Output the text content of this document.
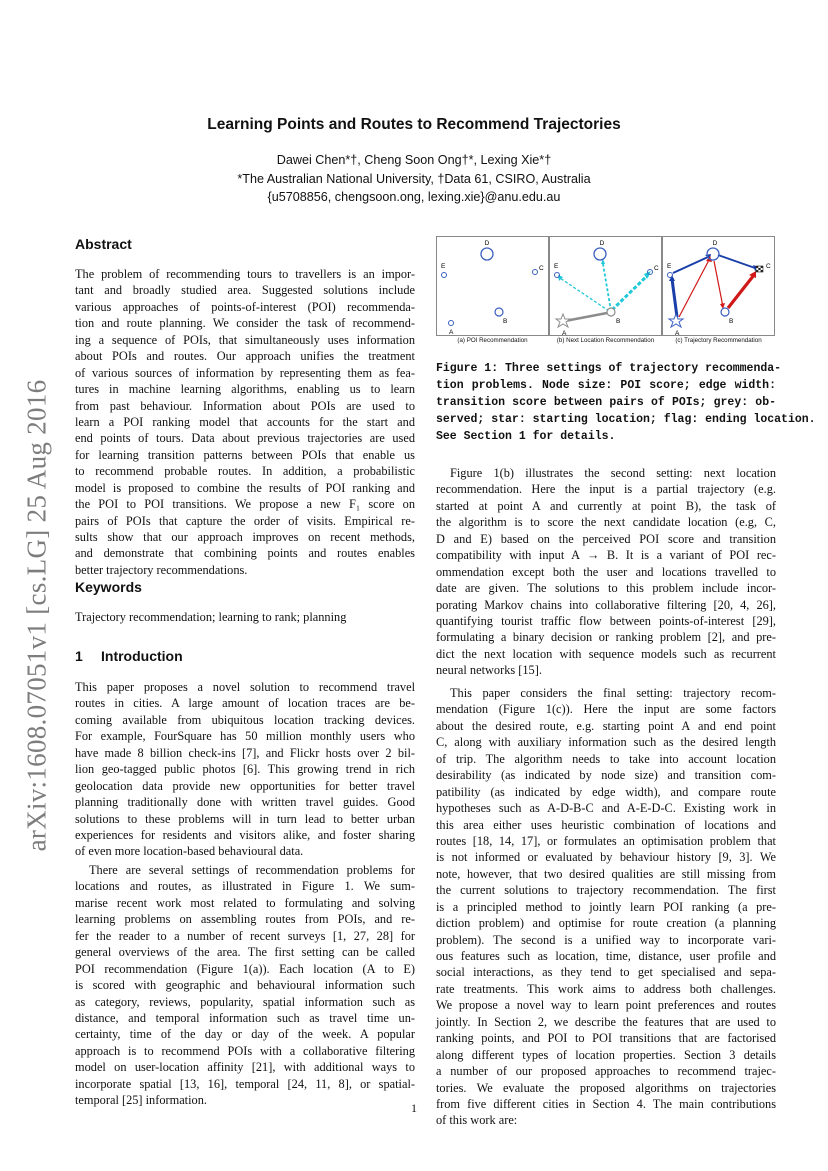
arXiv:1608.07051v1 [cs.LG] 25 Aug 2016
Learning Points and Routes to Recommend Trajectories
Dawei Chen*†, Cheng Soon Ong†*, Lexing Xie*†
*The Australian National University, †Data 61, CSIRO, Australia
{u5708856, chengsoon.ong, lexing.xie}@anu.edu.au
Abstract
The problem of recommending tours to travellers is an impor-
tant and broadly studied area. Suggested solutions include
various approaches of points-of-interest (POI) recommenda-
tion and route planning. We consider the task of recommend-
ing a sequence of POIs, that simultaneously uses information
about POIs and routes. Our approach unifies the treatment
of various sources of information by representing them as fea-
tures in machine learning algorithms, enabling us to learn
from past behaviour. Information about POIs are used to
learn a POI ranking model that accounts for the start and
end points of tours. Data about previous trajectories are used
for learning transition patterns between POIs that enable us
to recommend probable routes. In addition, a probabilistic
model is proposed to combine the results of POI ranking and
the POI to POI transitions. We propose a new F₁ score on
pairs of POIs that capture the order of visits. Empirical re-
sults show that our approach improves on recent methods,
and demonstrate that combining points and routes enables
better trajectory recommendations.
Keywords
Trajectory recommendation; learning to rank; planning
1 Introduction
This paper proposes a novel solution to recommend travel
routes in cities. A large amount of location traces are be-
coming available from ubiquitous location tracking devices.
For example, FourSquare has 50 million monthly users who
have made 8 billion check-ins [7], and Flickr hosts over 2 bil-
lion geo-tagged public photos [6]. This growing trend in rich
geolocation data provide new opportunities for better travel
planning traditionally done with written travel guides. Good
solutions to these problems will in turn lead to better urban
experiences for residents and visitors alike, and foster sharing
of even more location-based behavioural data.
There are several settings of recommendation problems for
locations and routes, as illustrated in Figure 1. We sum-
marise recent work most related to formulating and solving
learning problems on assembling routes from POIs, and re-
fer the reader to a number of recent surveys [1, 27, 28] for
general overviews of the area. The first setting can be called
POI recommendation (Figure 1(a)). Each location (A to E)
is scored with geographic and behavioural information such
as category, reviews, popularity, spatial information such as
distance, and temporal information such as travel time un-
certainty, time of the day or day of the week. A popular
approach is to recommend POIs with a collaborative filtering
model on user-location affinity [21], with additional ways to
incorporate spatial [13, 16], temporal [24, 11, 8], or spatial-
temporal [25] information.
D
E	C
B
A
(a) POI Recommendation
D
E	C
B
A
(b) Next Location Recommendation
D
E	C
B
A
(c) Trajectory Recommendation
Figure 1: Three settings of trajectory recommenda-
tion problems. Node size: POI score; edge width:
transition score between pairs of POIs; grey: ob-
served; star: starting location; flag: ending location.
See Section 1 for details.
Figure 1(b) illustrates the second setting: next location
recommendation. Here the input is a partial trajectory (e.g.
started at point A and currently at point B), the task of
the algorithm is to score the next candidate location (e.g, C,
D and E) based on the perceived POI score and transition
compatibility with input A → B. It is a variant of POI rec-
ommendation except both the user and locations travelled to
date are given. The solutions to this problem include incor-
porating Markov chains into collaborative filtering [20, 4, 26],
quantifying tourist traffic flow between points-of-interest [29],
formulating a binary decision or ranking problem [2], and pre-
dict the next location with sequence models such as recurrent
neural networks [15].
This paper considers the final setting: trajectory recom-
mendation (Figure 1(c)). Here the input are some factors
about the desired route, e.g. starting point A and end point
C, along with auxiliary information such as the desired length
of trip. The algorithm needs to take into account location
desirability (as indicated by node size) and transition com-
patibility (as indicated by edge width), and compare route
hypotheses such as A-D-B-C and A-E-D-C. Existing work in
this area either uses heuristic combination of locations and
routes [18, 14, 17], or formulates an optimisation problem that
is not informed or evaluated by behaviour history [9, 3]. We
note, however, that two desired qualities are still missing from
the current solutions to trajectory recommendation. The first
is a principled method to jointly learn POI ranking (a pre-
diction problem) and optimise for route creation (a planning
problem). The second is a unified way to incorporate vari-
ous features such as location, time, distance, user profile and
social interactions, as they tend to get specialised and sepa-
rate treatments. This work aims to address both challenges.
We propose a novel way to learn point preferences and routes
jointly. In Section 2, we describe the features that are used to
ranking points, and POI to POI transitions that are factorised
along different types of location properties. Section 3 details
a number of our proposed approaches to recommend trajec-
tories. We evaluate the proposed algorithms on trajectories
from five different cities in Section 4. The main contributions
of this work are:
1
